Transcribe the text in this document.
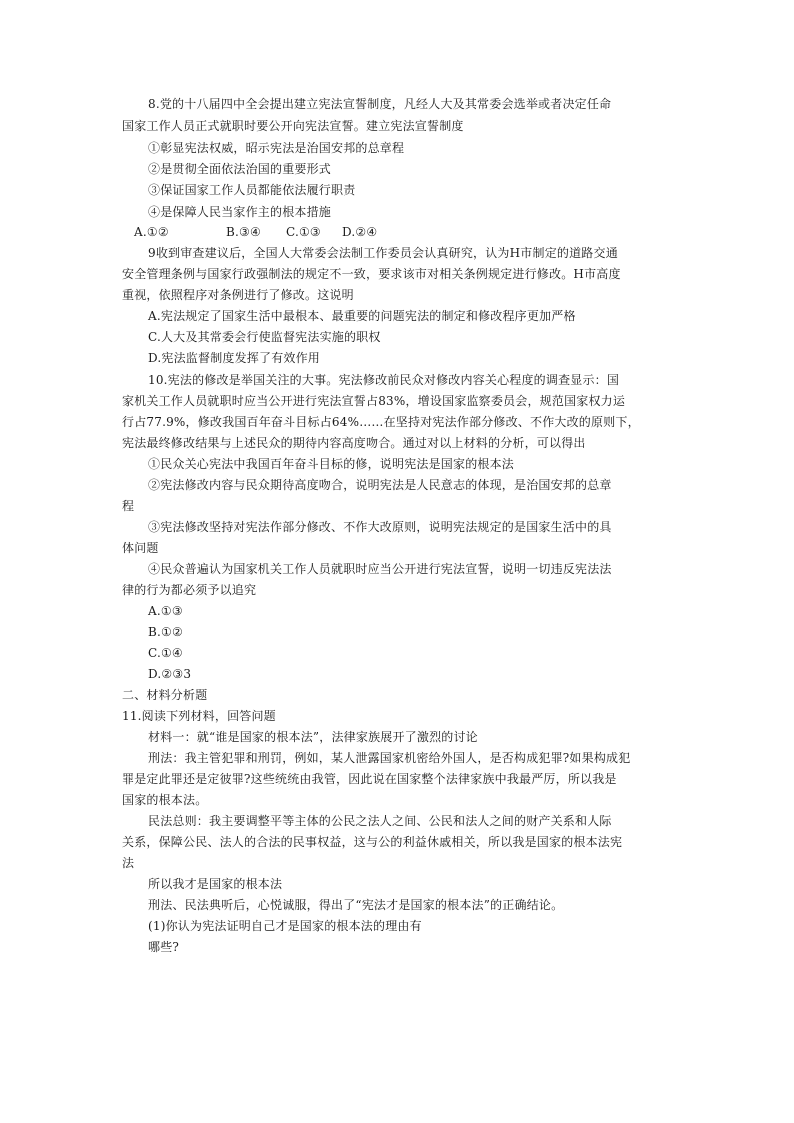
8.党的十八届四中全会提出建立宪法宣誓制度，凡经人大及其常委会选举或者决定任命
国家工作人员正式就职时要公开向宪法宣誓。建立宪法宣誓制度
①彰显宪法权威，昭示宪法是治国安邦的总章程
②是贯彻全面依法治国的重要形式
③保证国家工作人员都能依法履行职责
④是保障人民当家作主的根本措施
A.①②	B.③④ C.①③ D.②④
9收到审查建议后，全国人大常委会法制工作委员会认真研究，认为H市制定的道路交通
安全管理条例与国家行政强制法的规定不一致，要求该市对相关条例规定进行修改。H市高度
重视，依照程序对条例进行了修改。这说明
A.宪法规定了国家生活中最根本、最重要的问题宪法的制定和修改程序更加严格
C.人大及其常委会行使监督宪法实施的职权
D.宪法监督制度发挥了有效作用
10.宪法的修改是举国关注的大事。宪法修改前民众对修改内容关心程度的调查显示：国
家机关工作人员就职时应当公开进行宪法宣誓占83%，增设国家监察委员会，规范国家权力运
行占77.9%，修改我国百年奋斗目标占64%……在坚持对宪法作部分修改、不作大改的原则下，
宪法最终修改结果与上述民众的期待内容高度吻合。通过对以上材料的分析，可以得出
①民众关心宪法中我国百年奋斗目标的修，说明宪法是国家的根本法
②宪法修改内容与民众期待高度吻合，说明宪法是人民意志的体现，是治国安邦的总章
程
③宪法修改坚持对宪法作部分修改、不作大改原则，说明宪法规定的是国家生活中的具
体问题
④民众普遍认为国家机关工作人员就职时应当公开进行宪法宣誓，说明一切违反宪法法
律的行为都必须予以追究
A.①③
B.①②
C.①④
D.②③3
二、材料分析题
11.阅读下列材料，回答问题
材料一：就“谁是国家的根本法”，法律家族展开了激烈的讨论
刑法：我主管犯罪和刑罚，例如，某人泄露国家机密给外国人，是否构成犯罪?如果构成犯
罪是定此罪还是定彼罪?这些统统由我管，因此说在国家整个法律家族中我最严厉，所以我是
国家的根本法。
民法总则：我主要调整平等主体的公民之法人之间、公民和法人之间的财产关系和人际
关系，保障公民、法人的合法的民事权益，这与公的利益休戚相关，所以我是国家的根本法宪
法
所以我才是国家的根本法
刑法、民法典听后，心悦诚服，得出了“宪法才是国家的根本法”的正确结论。
(1)你认为宪法证明自己才是国家的根本法的理由有
哪些?
